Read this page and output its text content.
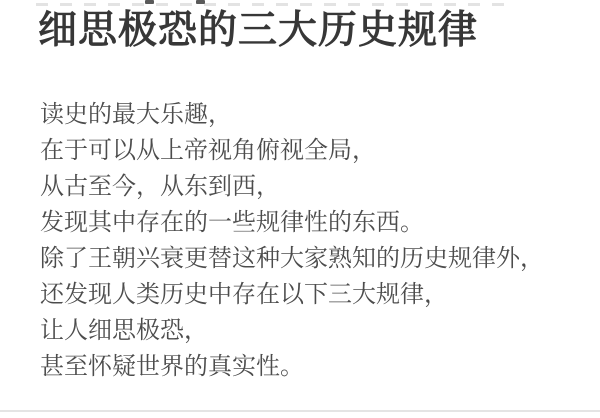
细思极恐的三大历史规律
读史的最大乐趣，
在于可以从上帝视角俯视全局，
从古至今，从东到西，
发现其中存在的一些规律性的东西。
除了王朝兴衰更替这种大家熟知的历史规律外，
还发现人类历史中存在以下三大规律，
让人细思极恐，
甚至怀疑世界的真实性。
